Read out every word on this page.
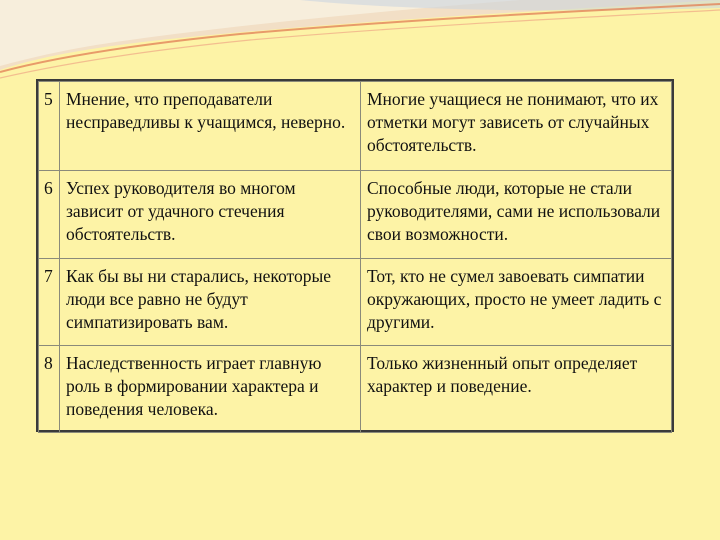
5	Мнение, что преподаватели несправедливы к учащимся, неверно.	Многие учащиеся не понимают, что их отметки могут зависеть от случайных обстоятельств.
6	Успех руководителя во многом зависит от удачного стечения обстоятельств.	Способные люди, которые не стали руководителями, сами не использовали свои возможности.
7	Как бы вы ни старались, некоторые люди все равно не будут симпатизировать вам.	Тот, кто не сумел завоевать симпатии окружающих, просто не умеет ладить с другими.
8	Наследственность играет главную роль в формировании характера и поведения человека.	Только жизненный опыт определяет характер и поведение.
